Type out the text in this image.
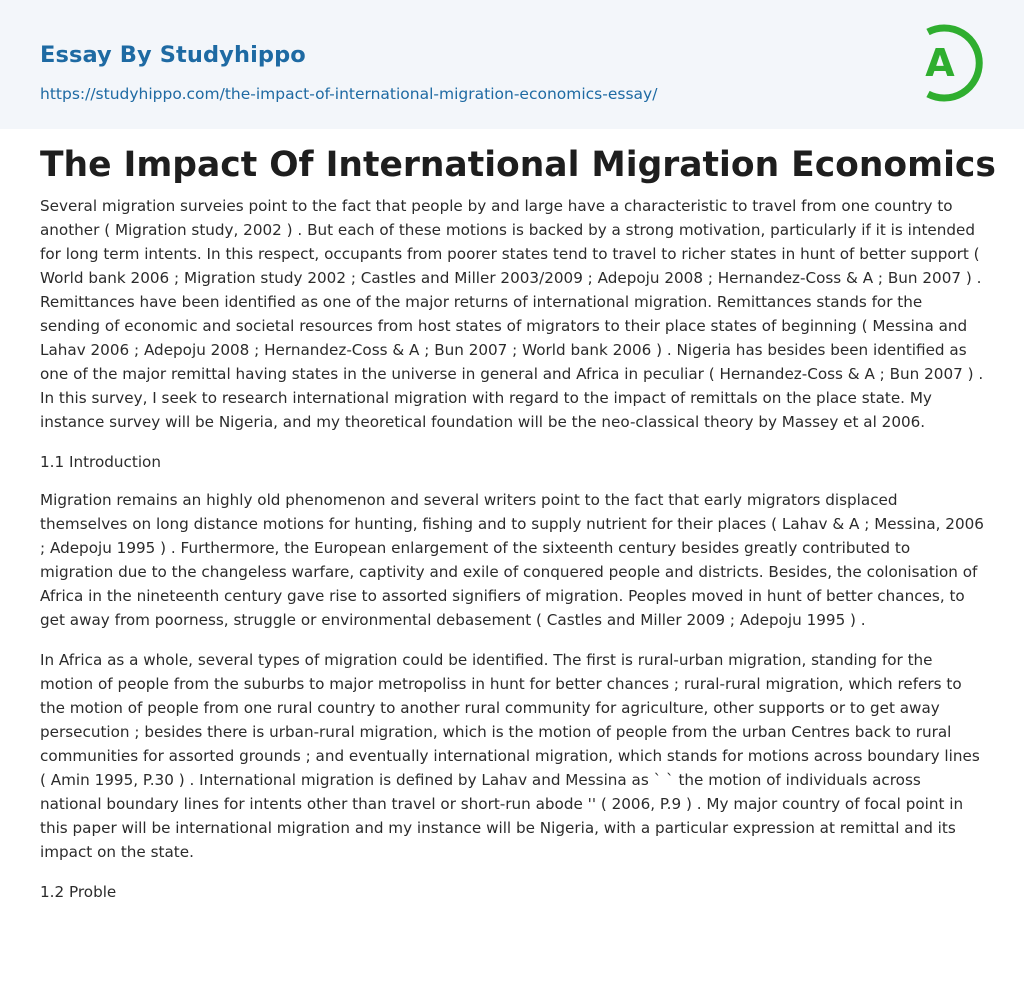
Essay By Studyhippo
https://studyhippo.com/the-impact-of-international-migration-economics-essay/
A
The Impact Of International Migration Economics

Several migration surveies point to the fact that people by and large have a characteristic to travel from one country to another ( Migration study, 2002 ) . But each of these motions is backed by a strong motivation, particularly if it is intended for long term intents. In this respect, occupants from poorer states tend to travel to richer states in hunt of better support ( World bank 2006 ; Migration study 2002 ; Castles and Miller 2003/2009 ; Adepoju 2008 ; Hernandez-Coss & A ; Bun 2007 ) . Remittances have been identified as one of the major returns of international migration. Remittances stands for the sending of economic and societal resources from host states of migrators to their place states of beginning ( Messina and Lahav 2006 ; Adepoju 2008 ; Hernandez-Coss & A ; Bun 2007 ; World bank 2006 ) . Nigeria has besides been identified as one of the major remittal having states in the universe in general and Africa in peculiar ( Hernandez-Coss & A ; Bun 2007 ) . In this survey, I seek to research international migration with regard to the impact of remittals on the place state. My instance survey will be Nigeria, and my theoretical foundation will be the neo-classical theory by Massey et al 2006.

1.1 Introduction

Migration remains an highly old phenomenon and several writers point to the fact that early migrators displaced themselves on long distance motions for hunting, fishing and to supply nutrient for their places ( Lahav & A ; Messina, 2006 ; Adepoju 1995 ) . Furthermore, the European enlargement of the sixteenth century besides greatly contributed to migration due to the changeless warfare, captivity and exile of conquered people and districts. Besides, the colonisation of Africa in the nineteenth century gave rise to assorted signifiers of migration. Peoples moved in hunt of better chances, to get away from poorness, struggle or environmental debasement ( Castles and Miller 2009 ; Adepoju 1995 ) .

In Africa as a whole, several types of migration could be identified. The first is rural-urban migration, standing for the motion of people from the suburbs to major metropoliss in hunt for better chances ; rural-rural migration, which refers to the motion of people from one rural country to another rural community for agriculture, other supports or to get away persecution ; besides there is urban-rural migration, which is the motion of people from the urban Centres back to rural communities for assorted grounds ; and eventually international migration, which stands for motions across boundary lines ( Amin 1995, P.30 ) . International migration is defined by Lahav and Messina as ` ` the motion of individuals across national boundary lines for intents other than travel or short-run abode '' ( 2006, P.9 ) . My major country of focal point in this paper will be international migration and my instance will be Nigeria, with a particular expression at remittal and its impact on the state.

1.2 Proble
